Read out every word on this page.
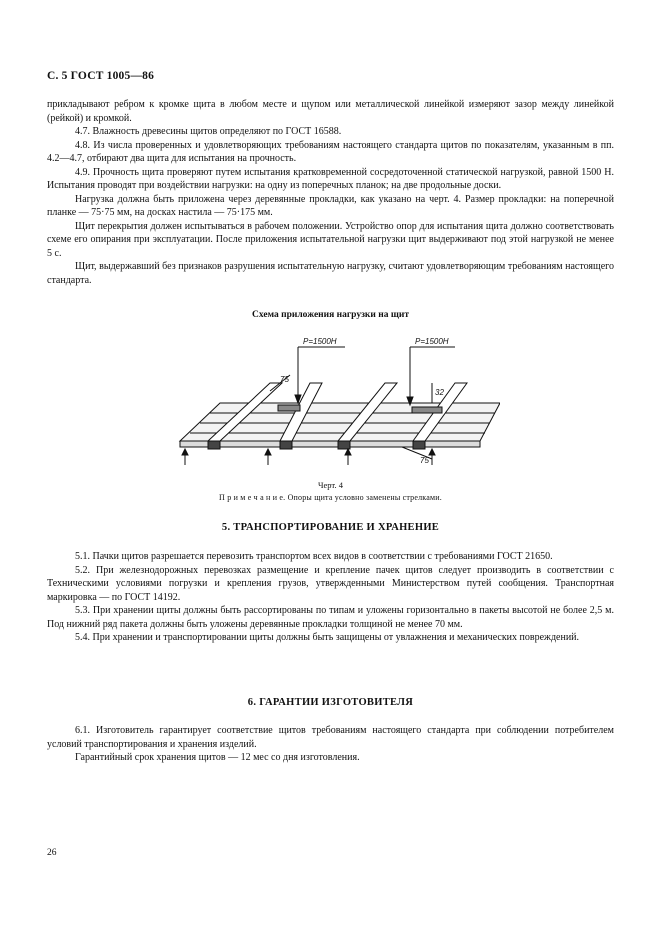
С. 5 ГОСТ 1005—86

прикладывают ребром к кромке щита в любом месте и щупом или металлической линейкой измеряют зазор между линейкой (рейкой) и кромкой.

4.7. Влажность древесины щитов определяют по ГОСТ 16588.

4.8. Из числа проверенных и удовлетворяющих требованиям настоящего стандарта щитов по показателям, указанным в пп. 4.2—4.7, отбирают два щита для испытания на прочность.

4.9. Прочность щита проверяют путем испытания кратковременной сосредоточенной статической нагрузкой, равной 1500 Н. Испытания проводят при воздействии нагрузки: на одну из поперечных планок; на две продольные доски.

Нагрузка должна быть приложена через деревянные прокладки, как указано на черт. 4. Размер прокладки: на поперечной планке — 75·75 мм, на досках настила — 75·175 мм.

Щит перекрытия должен испытываться в рабочем положении. Устройство опор для испытания щита должно соответствовать схеме его опирания при эксплуатации. После приложения испытательной нагрузки щит выдерживают под этой нагрузкой не менее 5 с.

Щит, выдержавший без признаков разрушения испытательную нагрузку, считают удовлетворяющим требованиям настоящего стандарта.

Схема приложения нагрузки на щит
P=1500Н	P=1500Н
75
32
75
Черт. 4
П р и м е ч а н и е. Опоры щита условно заменены стрелками.
5. ТРАНСПОРТИРОВАНИЕ И ХРАНЕНИЕ

5.1. Пачки щитов разрешается перевозить транспортом всех видов в соответствии с требованиями ГОСТ 21650.

5.2. При железнодорожных перевозках размещение и крепление пачек щитов следует производить в соответствии с Техническими условиями погрузки и крепления грузов, утвержденными Министерством путей сообщения. Транспортная маркировка — по ГОСТ 14192.

5.3. При хранении щиты должны быть рассортированы по типам и уложены горизонтально в пакеты высотой не более 2,5 м. Под нижний ряд пакета должны быть уложены деревянные прокладки толщиной не менее 70 мм.

5.4. При хранении и транспортировании щиты должны быть защищены от увлажнения и механических повреждений.

6. ГАРАНТИИ ИЗГОТОВИТЕЛЯ

6.1. Изготовитель гарантирует соответствие щитов требованиям настоящего стандарта при соблюдении потребителем условий транспортирования и хранения изделий.

Гарантийный срок хранения щитов — 12 мес со дня изготовления.

26
